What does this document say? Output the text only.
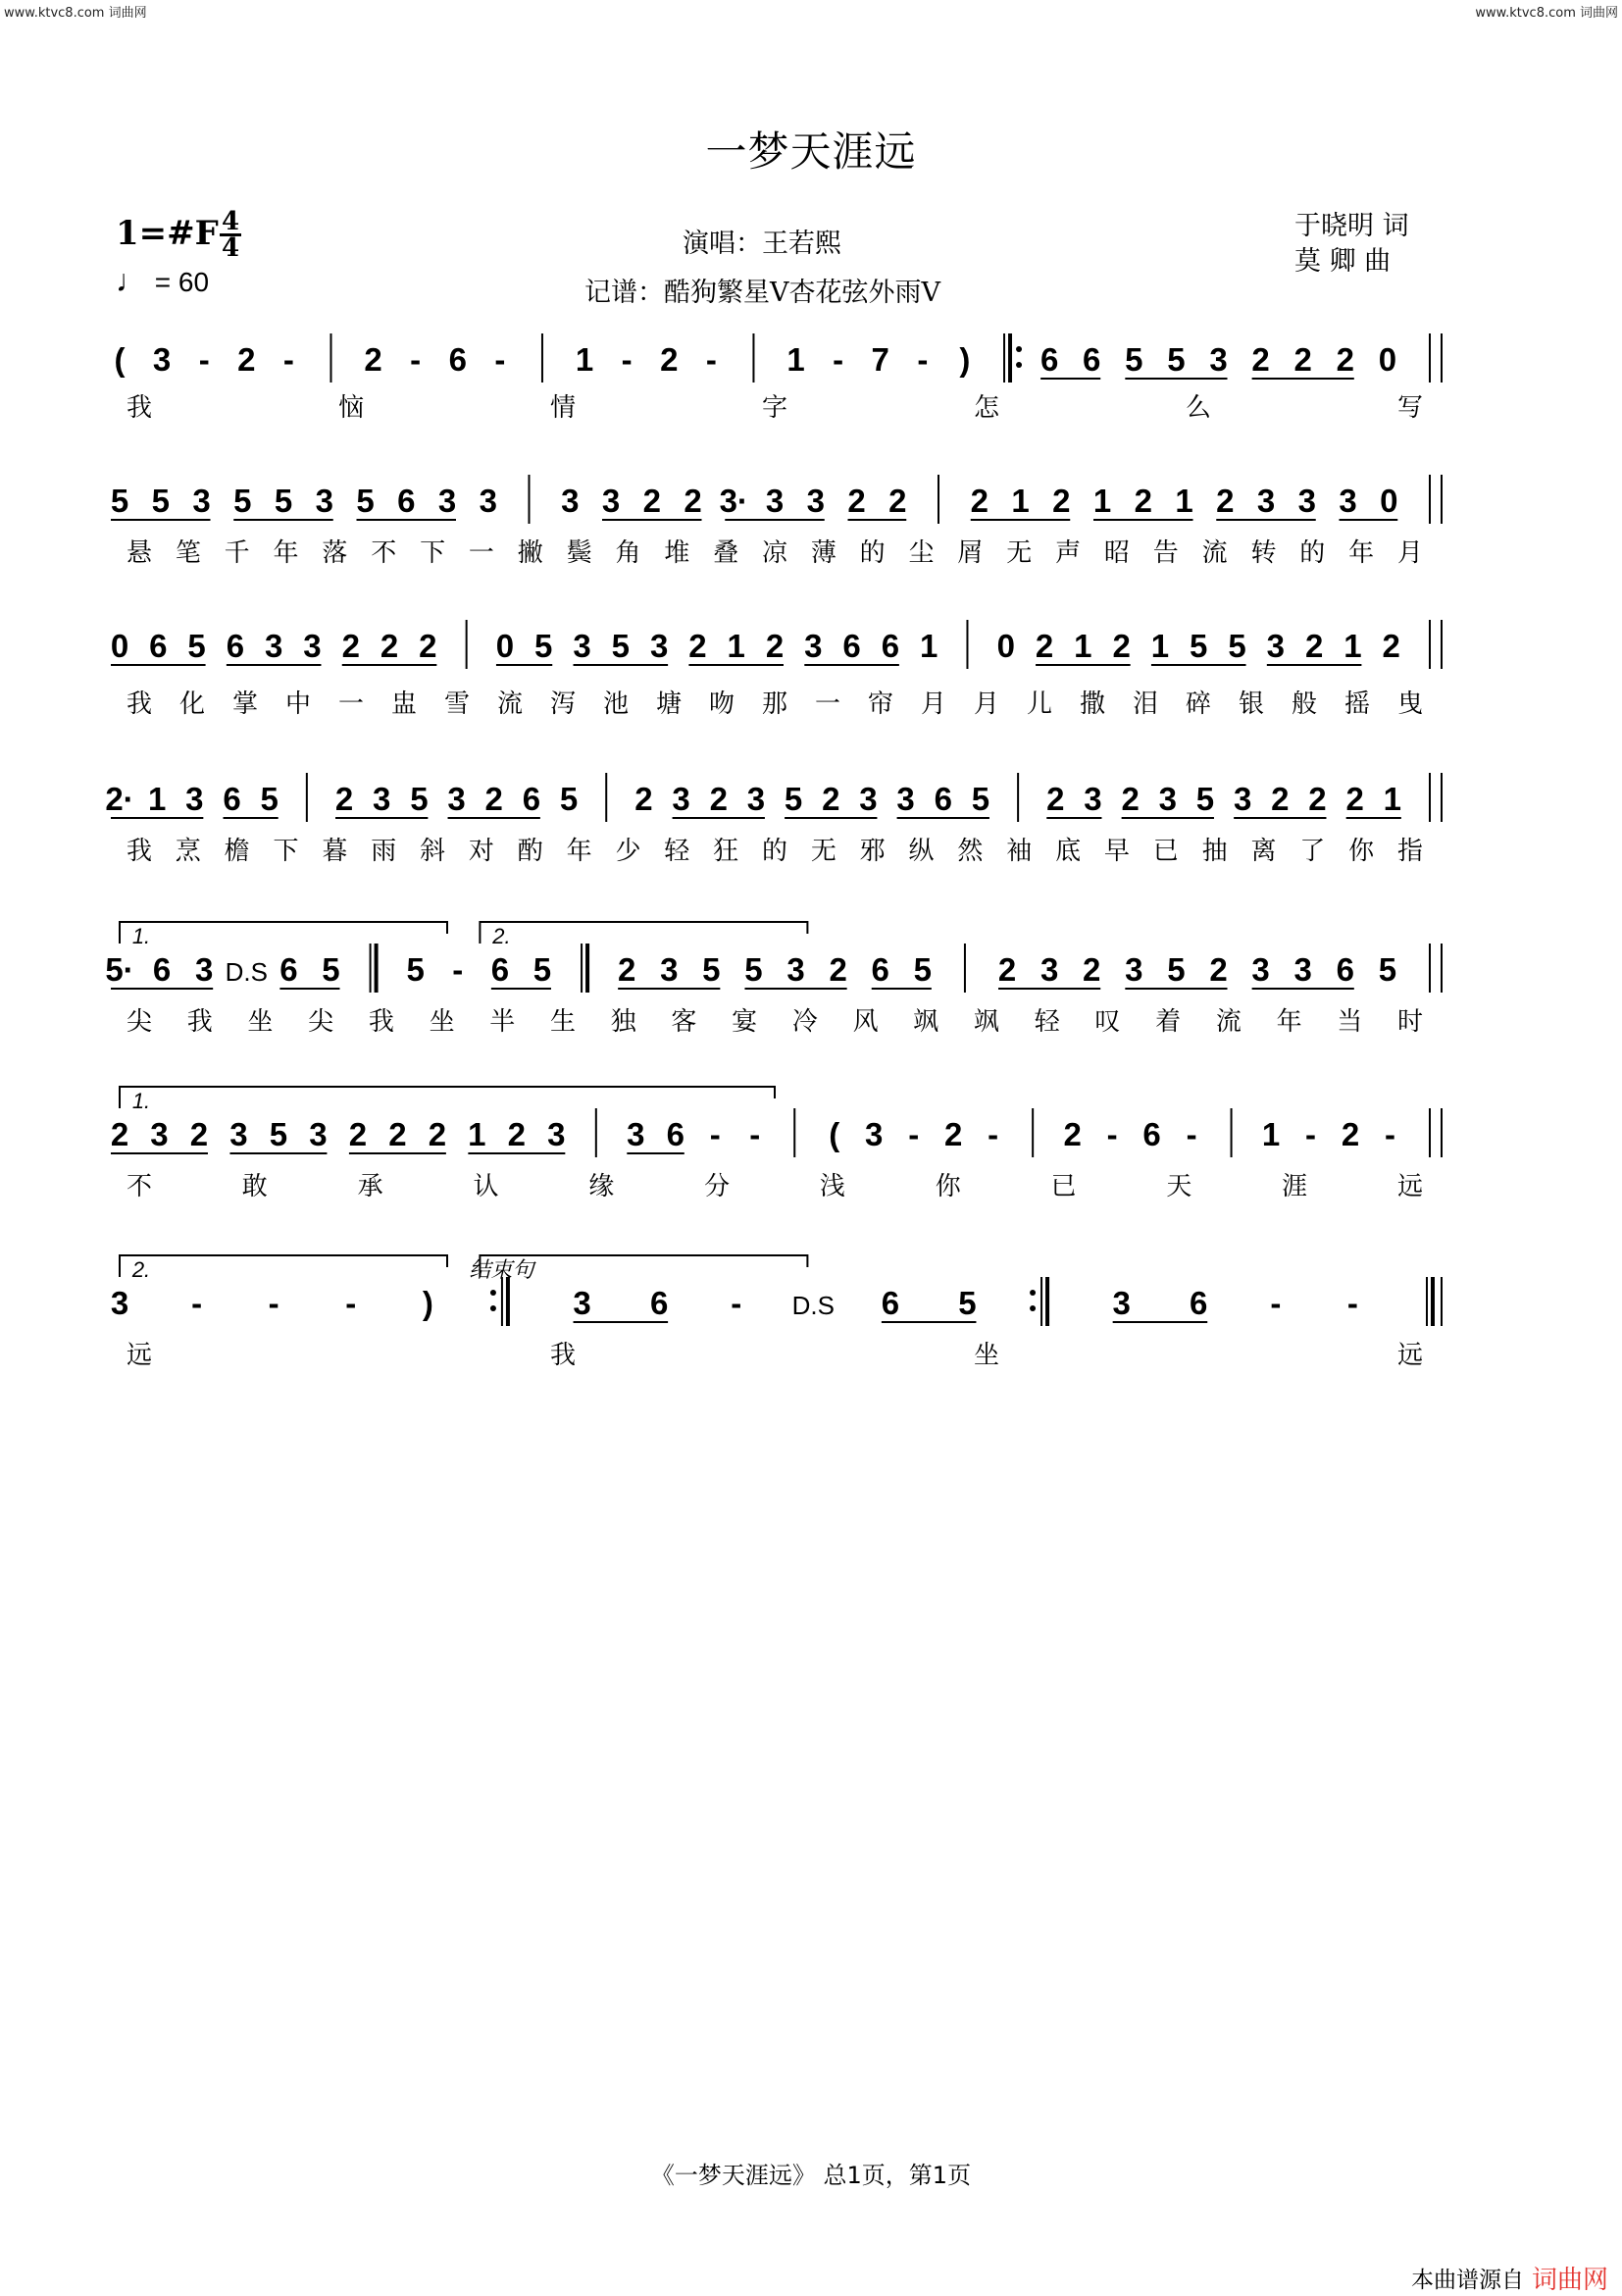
www.ktvc8.com 词曲网	www.ktvc8.com 词曲网
一梦天涯远
1=#F 4
4
♩ = 60
演唱：王若熙
记谱：酷狗繁星V杏花弦外雨V
于晓明 词
莫 卿 曲
( 3 - 2 - 2 - 6 - 1 - 2 - 1 - 7 - ) 6 6 5 5 3 2 2 2 0
我	恼	情	字	怎	么	写
5 5 3 5 5 3 5 6 3 3 3 3 2 2 3· 3 3 2 2 2 1 2 1 2 1 2 3 3 3 0
悬 笔 千 年 落 不 下 一 撇 鬓 角 堆 叠 凉 薄 的 尘 屑 无 声 昭 告 流 转 的 年 月
0 6 5 6 3 3 2 2 2 0 5 3 5 3 2 1 2 3 6 6 1 0 2 1 2 1 5 5 3 2 1 2
我 化 掌 中 一 盅 雪 流 泻 池 塘 吻 那 一 帘 月 月 儿 撒 泪 碎 银 般 摇 曳
2· 1 3 6 5 2 3 5 3 2 6 5 2 3 2 3 5 2 3 3 6 5 2 3 2 3 5 3 2 2 2 1
我 烹 檐 下 暮 雨 斜 对 酌 年 少 轻 狂 的 无 邪 纵 然 袖 底 早 已 抽 离 了 你 指
5· 6 3 D.S 6 5 5 - 6 5 2 3 5 5 3 2 6 5 2 3 2 3 5 2 3 3 6 5
1.	2.
尖 我 坐 尖 我 坐 半 生 独 客 宴 冷 风 飒 飒 轻 叹 着 流 年 当 时
2 3 2 3 5 3 2 2 2 1 2 3 3 6 - - ( 3 - 2 - 2 - 6 - 1 - 2 -
1.
不	敢	承	认	缘	分	浅	你	已	天	涯	远
3 - - - )	3 6 - D.S 6 5	3 6 - -
2.	结束句
远	我	坐	远
《一梦天涯远》 总1页，第1页
本曲谱源自 词曲网
